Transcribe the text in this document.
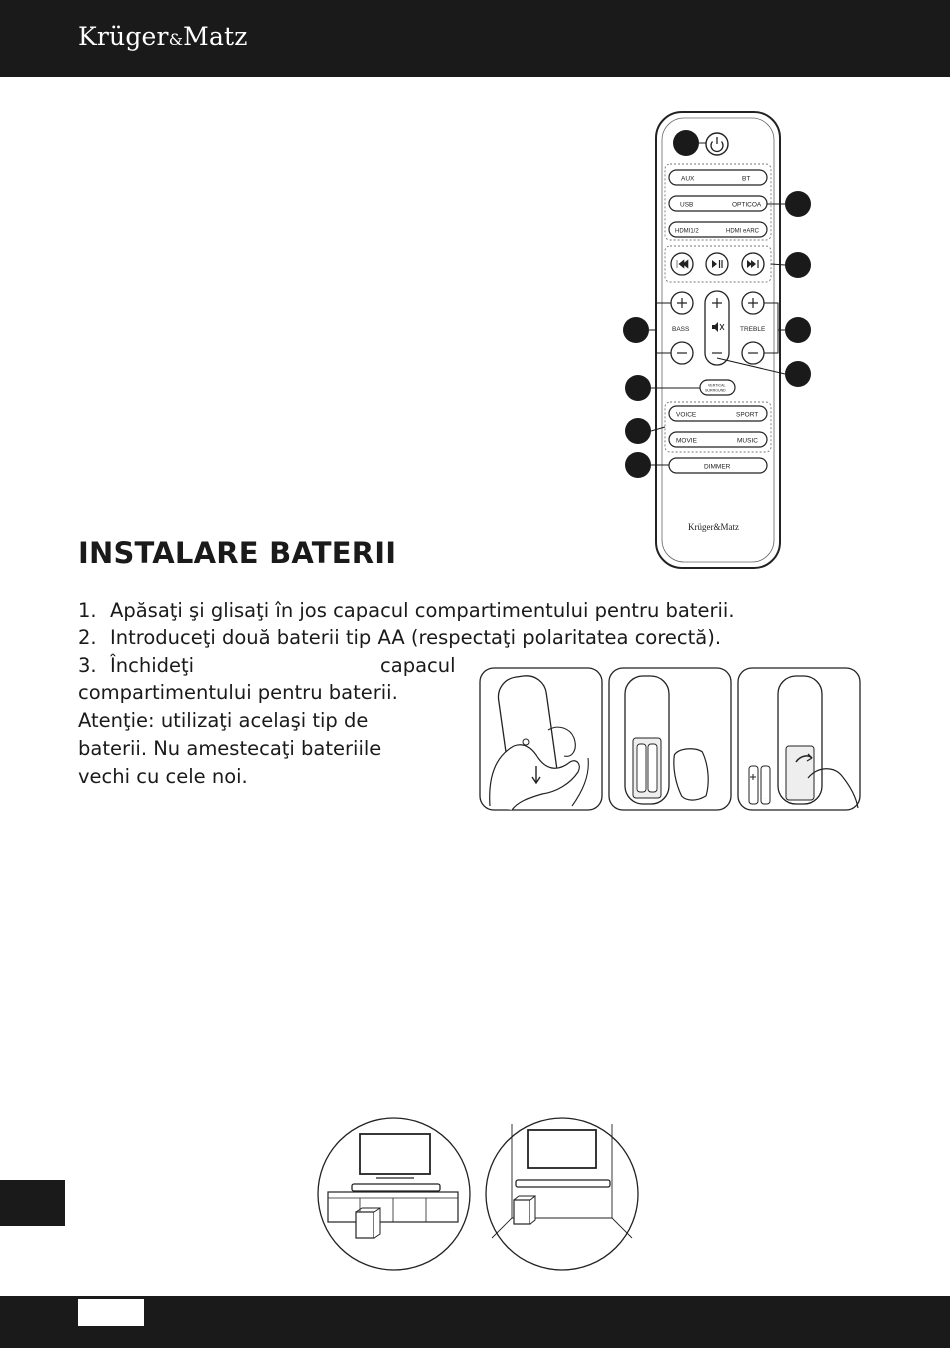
Krüger&Matz
AUX	BT
USB	OPTICOA
HDMI1/2	HDMI eARC
BASS	TREBLE
VERTICAL
SURROUND
VOICE	SPORT
MOVIE	MUSIC
DIMMER
Krüger&Matz
INSTALARE BATERII
1. Apăsaţi şi glisaţi în jos capacul compartimentului pentru baterii.
2. Introduceţi două baterii tip AA (respectaţi polaritatea corectă).
3. Închideţi	capacul
compartimentului pentru baterii.

Atenţie: utilizaţi acelaşi tip de

baterii. Nu amestecaţi bateriile

vechi cu cele noi.
